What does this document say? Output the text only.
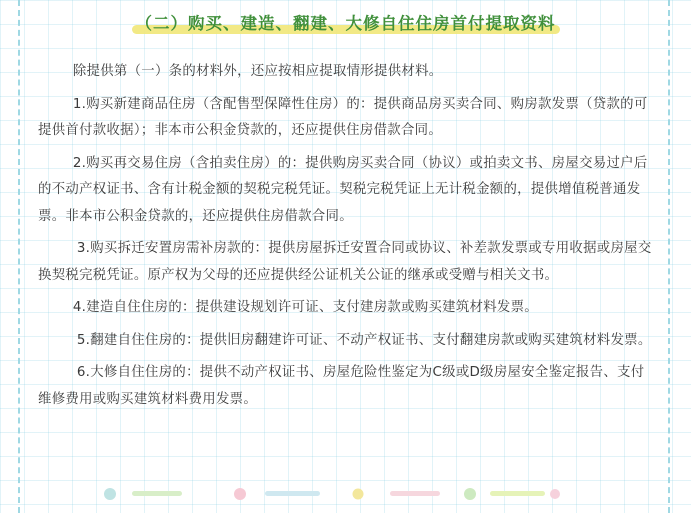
（二）购买、建造、翻建、大修自住住房首付提取资料

除提供第（一）条的材料外，还应按相应提取情形提供材料。

1.购买新建商品住房（含配售型保障性住房）的：提供商品房买卖合同、购房款发票（贷款的可提供首付款收据）；非本市公积金贷款的，还应提供住房借款合同。

2.购买再交易住房（含拍卖住房）的：提供购房买卖合同（协议）或拍卖文书、房屋交易过户后的不动产权证书、含有计税金额的契税完税凭证。契税完税凭证上无计税金额的，提供增值税普通发票。非本市公积金贷款的，还应提供住房借款合同。

3.购买拆迁安置房需补房款的：提供房屋拆迁安置合同或协议、补差款发票或专用收据或房屋交换契税完税凭证。原产权为父母的还应提供经公证机关公证的继承或受赠与相关文书。

4.建造自住住房的：提供建设规划许可证、支付建房款或购买建筑材料发票。

5.翻建自住住房的：提供旧房翻建许可证、不动产权证书、支付翻建房款或购买建筑材料发票。

6.大修自住住房的：提供不动产权证书、房屋危险性鉴定为C级或D级房屋安全鉴定报告、支付维修费用或购买建筑材料费用发票。
